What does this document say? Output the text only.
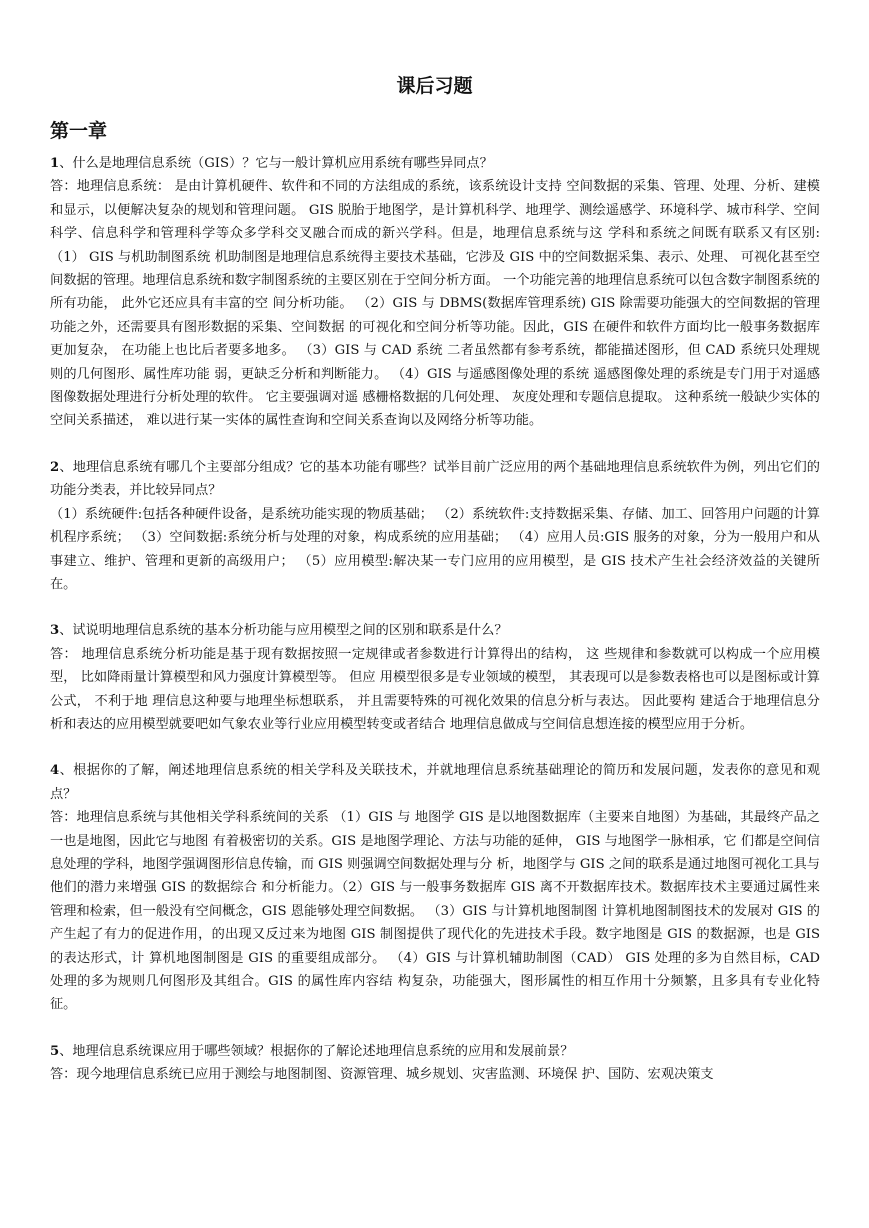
课后习题
第一章

1、什么是地理信息系统（GIS）？它与一般计算机应用系统有哪些异同点？

答：地理信息系统： 是由计算机硬件、软件和不同的方法组成的系统，该系统设计支持 空间数据的采集、管理、处理、分析、建模和显示，以便解决复杂的规划和管理问题。 GIS 脱胎于地图学，是计算机科学、地理学、测绘遥感学、环境科学、城市科学、空间 科学、信息科学和管理科学等众多学科交叉融合而成的新兴学科。但是，地理信息系统与这 学科和系统之间既有联系又有区别: （1） GIS 与机助制图系统 机助制图是地理信息系统得主要技术基础，它涉及 GIS 中的空间数据采集、表示、处理、 可视化甚至空间数据的管理。地理信息系统和数字制图系统的主要区别在于空间分析方面。 一个功能完善的地理信息系统可以包含数字制图系统的所有功能， 此外它还应具有丰富的空 间分析功能。 （2）GIS 与 DBMS(数据库管理系统) GIS 除需要功能强大的空间数据的管理功能之外，还需要具有图形数据的采集、空间数据 的可视化和空间分析等功能。因此，GIS 在硬件和软件方面均比一般事务数据库更加复杂， 在功能上也比后者要多地多。 （3）GIS 与 CAD 系统 二者虽然都有参考系统，都能描述图形，但 CAD 系统只处理规则的几何图形、属性库功能 弱，更缺乏分析和判断能力。 （4）GIS 与遥感图像处理的系统 遥感图像处理的系统是专门用于对遥感图像数据处理进行分析处理的软件。 它主要强调对遥 感栅格数据的几何处理、 灰度处理和专题信息提取。 这种系统一般缺少实体的空间关系描述， 难以进行某一实体的属性查询和空间关系查询以及网络分析等功能。

2、地理信息系统有哪几个主要部分组成？它的基本功能有哪些？试举目前广泛应用的两个基础地理信息系统软件为例，列出它们的功能分类表，并比较异同点？

（1）系统硬件:包括各种硬件设备，是系统功能实现的物质基础； （2）系统软件:支持数据采集、存储、加工、回答用户问题的计算机程序系统； （3）空间数据:系统分析与处理的对象，构成系统的应用基础； （4）应用人员:GIS 服务的对象，分为一般用户和从事建立、维护、管理和更新的高级用户； （5）应用模型:解决某一专门应用的应用模型，是 GIS 技术产生社会经济效益的关键所在。

3、试说明地理信息系统的基本分析功能与应用模型之间的区别和联系是什么？

答： 地理信息系统分析功能是基于现有数据按照一定规律或者参数进行计算得出的结构， 这 些规律和参数就可以构成一个应用模型， 比如降雨量计算模型和风力强度计算模型等。 但应 用模型很多是专业领域的模型， 其表现可以是参数表格也可以是图标或计算公式， 不利于地 理信息这种要与地理坐标想联系， 并且需要特殊的可视化效果的信息分析与表达。 因此要构 建适合于地理信息分析和表达的应用模型就要吧如气象农业等行业应用模型转变或者结合 地理信息做成与空间信息想连接的模型应用于分析。

4、根据你的了解，阐述地理信息系统的相关学科及关联技术，并就地理信息系统基础理论的简历和发展问题，发表你的意见和观点？

答：地理信息系统与其他相关学科系统间的关系 （1）GIS 与 地图学 GIS 是以地图数据库（主要来自地图）为基础，其最终产品之一也是地图，因此它与地图 有着极密切的关系。GIS 是地图学理论、方法与功能的延伸， GIS 与地图学一脉相承，它 们都是空间信息处理的学科，地图学强调图形信息传输，而 GIS 则强调空间数据处理与分 析，地图学与 GIS 之间的联系是通过地图可视化工具与他们的潜力来增强 GIS 的数据综合 和分析能力。（2）GIS 与一般事务数据库 GIS 离不开数据库技术。数据库技术主要通过属性来管理和检索，但一般没有空间概念，GIS 恩能够处理空间数据。 （3）GIS 与计算机地图制图 计算机地图制图技术的发展对 GIS 的产生起了有力的促进作用，的出现又反过来为地图 GIS 制图提供了现代化的先进技术手段。数字地图是 GIS 的数据源，也是 GIS 的表达形式，计 算机地图制图是 GIS 的重要组成部分。 （4）GIS 与计算机辅助制图（CAD） GIS 处理的多为自然目标，CAD 处理的多为规则几何图形及其组合。GIS 的属性库内容结 构复杂，功能强大，图形属性的相互作用十分频繁，且多具有专业化特征。

5、地理信息系统课应用于哪些领域？根据你的了解论述地理信息系统的应用和发展前景？

答：现今地理信息系统已应用于测绘与地图制图、资源管理、城乡规划、灾害监测、环境保 护、国防、宏观决策支
